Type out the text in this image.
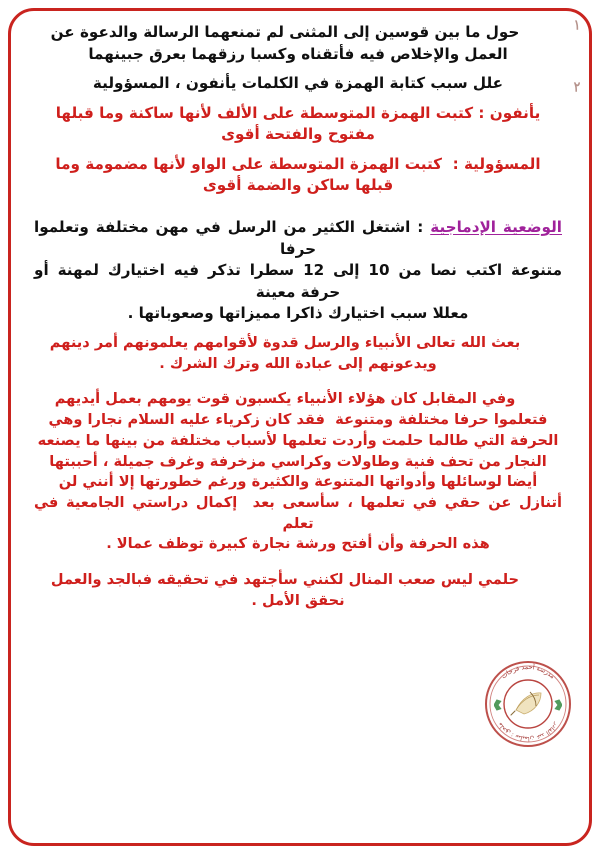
١
٢
حول ما بين قوسين إلى المثنى لم تمنعهما الرسالة والدعوة عن
العمل والإخلاص فيه فأتقناه وكسبا رزقهما بعرق جبينهما
علل سبب كتابة الهمزة في الكلمات يأنفون ، المسؤولية
يأنفون : كتبت الهمزة المتوسطة على الألف لأنها ساكنة وما قبلها
مفتوح والفتحة أقوى
المسؤولية :  كتبت الهمزة المتوسطة على الواو لأنها مضمومة وما
قبلها ساكن والضمة أقوى
الوضعية الإدماجية : اشتغل الكثير من الرسل في مهن مختلفة وتعلموا حرفا
متنوعة اكتب نصا من 10 إلى 12 سطرا تذكر فيه اختيارك لمهنة أو حرفة معينة
معللا سبب اختيارك ذاكرا مميزاتها وصعوباتها .
بعث الله تعالى الأنبياء والرسل قدوة لأقوامهم يعلمونهم أمر دينهم
ويدعونهم إلى عبادة الله وترك الشرك .
وفي المقابل كان هؤلاء الأنبياء يكسبون قوت يومهم بعمل أيديهم
فتعلموا حرفا مختلفة ومتنوعة  فقد كان زكرياء عليه السلام نجارا وهي
الحرفة التي طالما حلمت وأردت تعلمها لأسباب مختلفة من بينها ما يصنعه
النجار من تحف فنية وطاولات وكراسي مزخرفة وغرف جميلة ، أحببتها
أيضا لوسائلها وأدواتها المتنوعة والكثيرة ورغم خطورتها إلا أنني لن
أتنازل عن حقي في تعلمها ، سأسعى بعد  إكمال دراستي الجامعية في تعلم
هذه الحرفة وأن أفتح ورشة نجارة كبيرة توظف عمالا .
حلمي ليس صعب المنال لكنني سأجتهد في تحقيقه فبالجد والعمل
نحقق الأمل .
مدرسة أحمد فرحات
ملحق : سليمان عبد القادر
